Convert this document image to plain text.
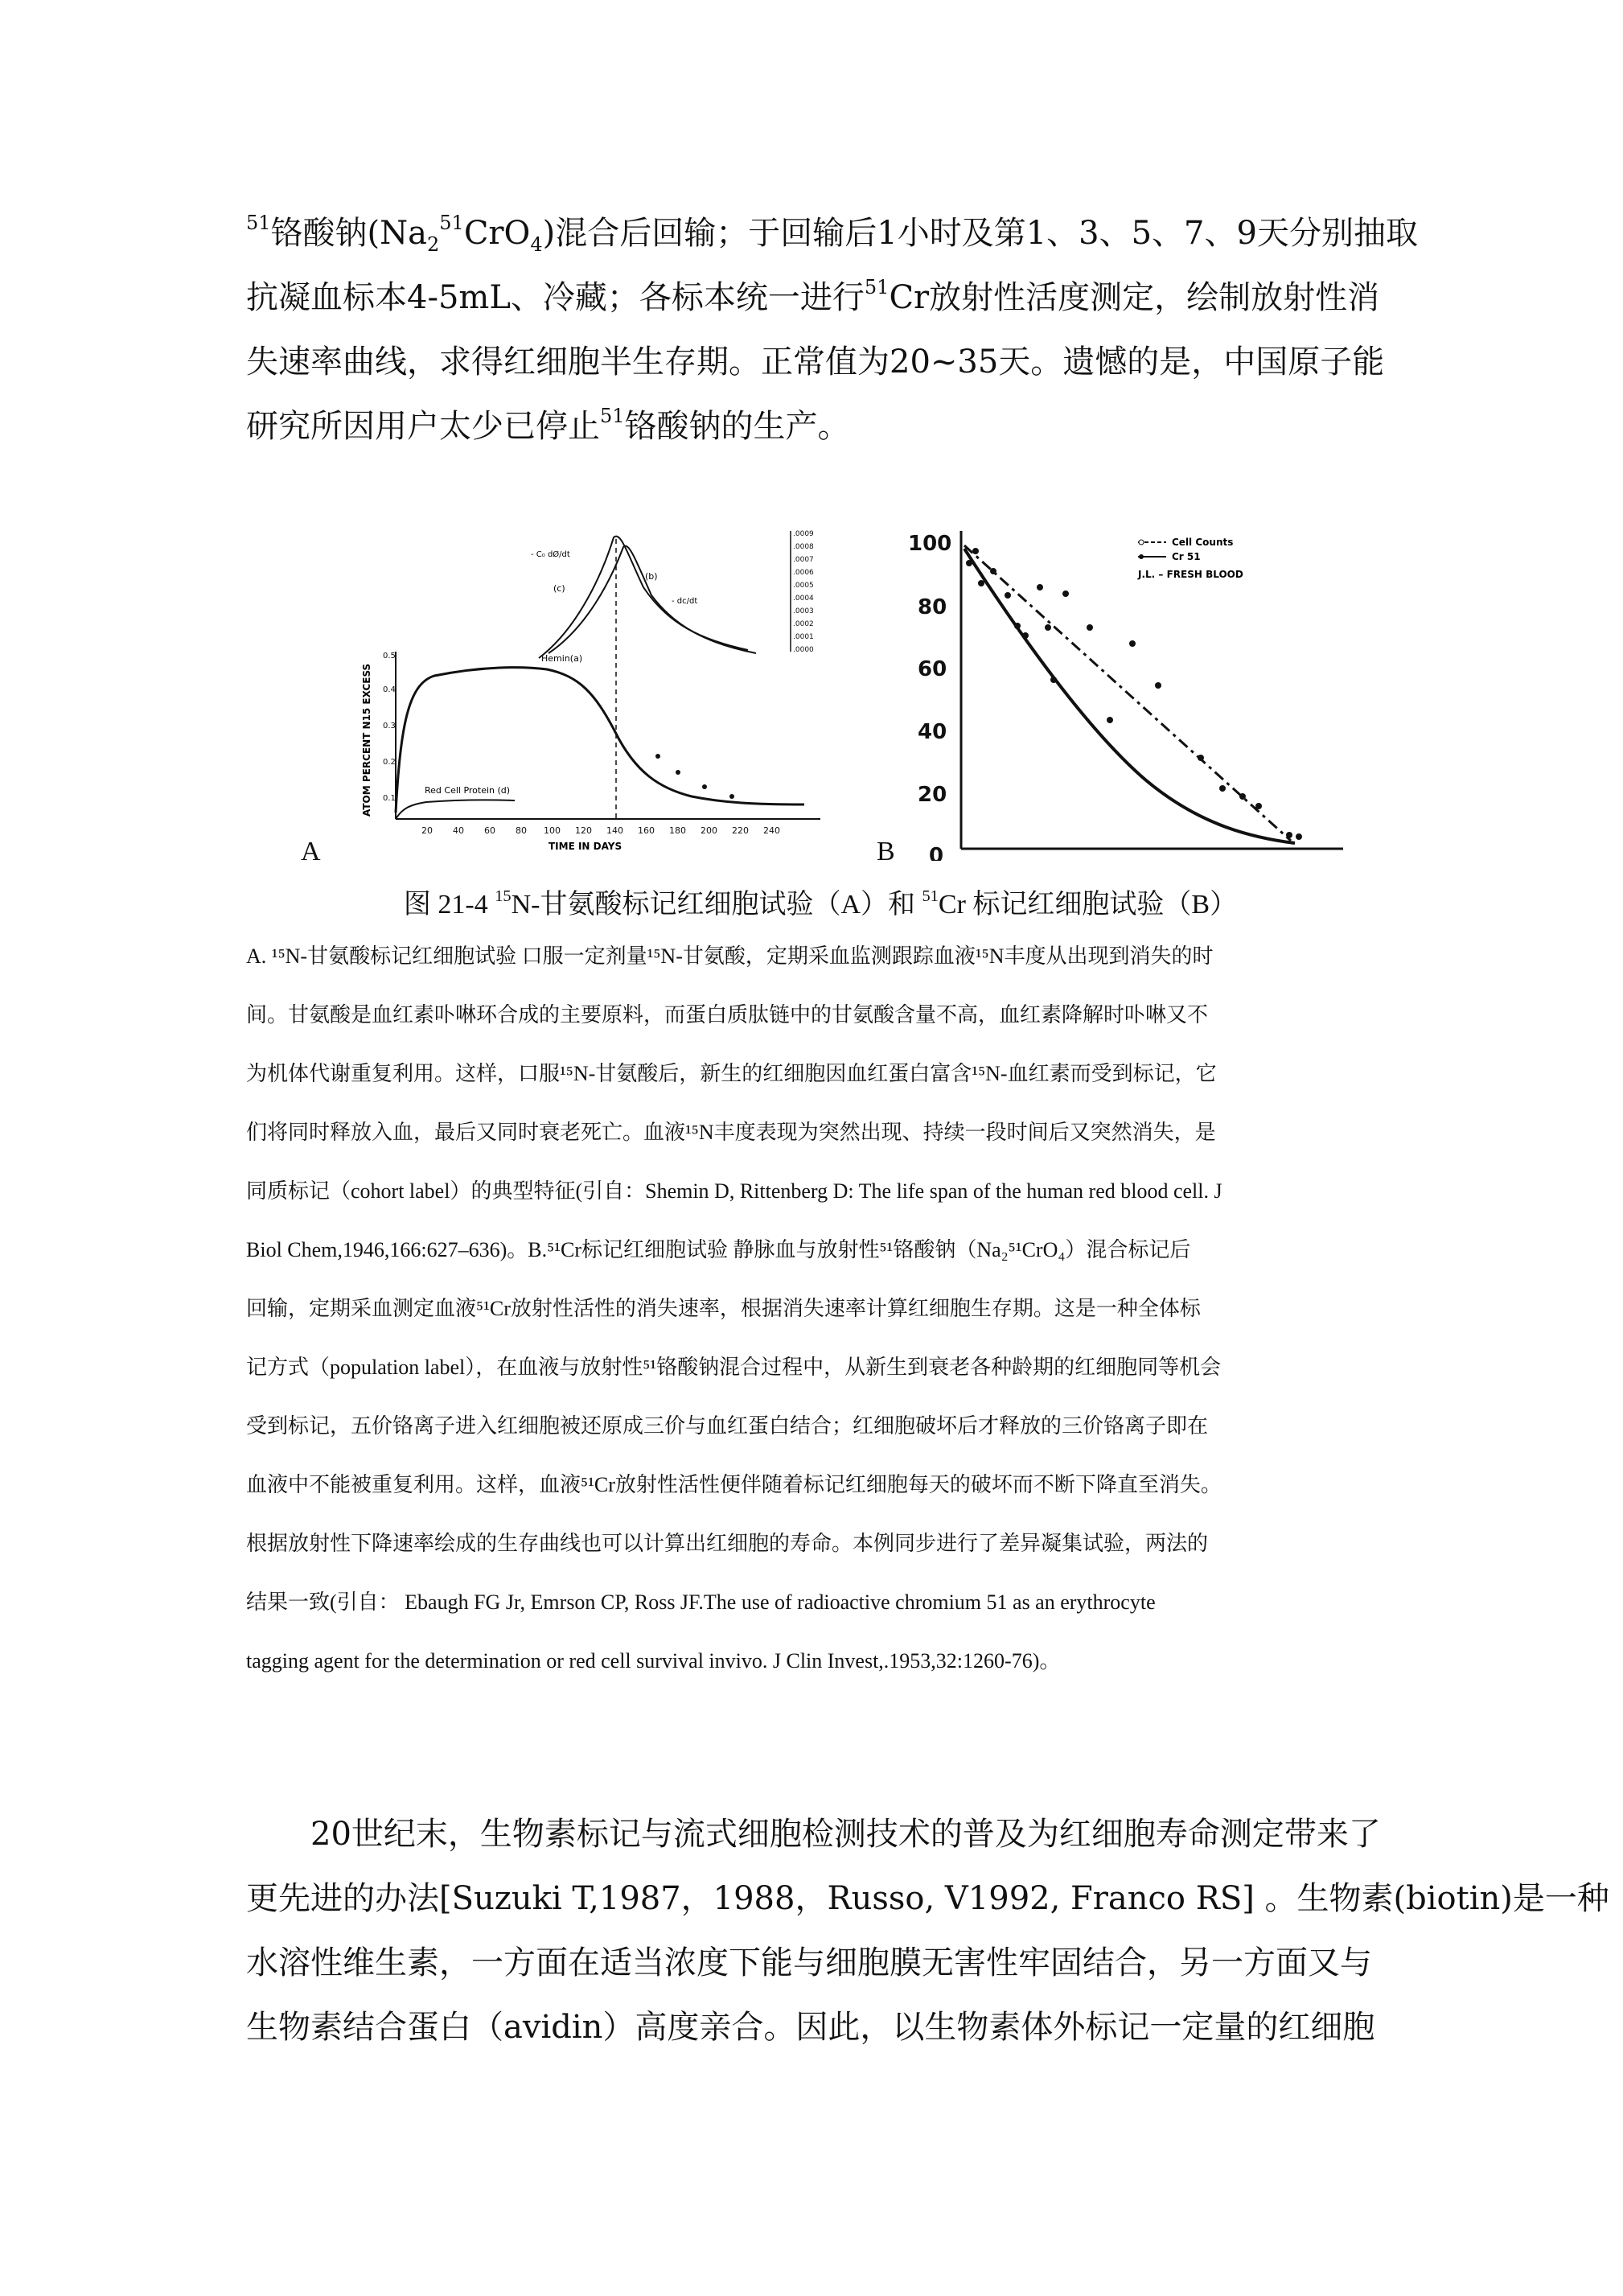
$^{51}$铬酸钠$(Na_2^{51}CrO_4)$混合后回输；于回输后1小时及第1、3、5、7、9天分别抽取
抗凝血标本4-5mL、冷藏；各标本统一进行$^{51}$Cr放射性活度测定，绘制放射性消
失速率曲线，求得红细胞半生存期。正常值为20~35天。遗憾的是，中国原子能
研究所因用户太少已停止$^{51}$铬酸钠的生产。
0.5
0.4
0.3
0.2
0.1
ATOM PERCENT N15 EXCESS
20 40 60 80 100 120 140 160 180 200 220 240
TIME IN DAYS
Hemin(a)
Red Cell Protein (d)
(c)
(b)
- C₀ dØ/dt
- dc/dt
.0009
.0008
.0007
.0006
.0005
.0004
.0003
.0002
.0001
.0000
A
100
80
60
40
20
0
Cell Counts
Cr 51
J.L. – FRESH BLOOD
B
图 21-4 $^{15}$N-甘氨酸标记红细胞试验（A）和 $^{51}$Cr 标记红细胞试验（B）
A. ¹⁵N-甘氨酸标记红细胞试验 口服一定剂量¹⁵N-甘氨酸，定期采血监测跟踪血液¹⁵N丰度从出现到消失的时
间。甘氨酸是血红素卟啉环合成的主要原料，而蛋白质肽链中的甘氨酸含量不高，血红素降解时卟啉又不
为机体代谢重复利用。这样，口服¹⁵N-甘氨酸后，新生的红细胞因血红蛋白富含¹⁵N-血红素而受到标记，它
们将同时释放入血，最后又同时衰老死亡。血液¹⁵N丰度表现为突然出现、持续一段时间后又突然消失，是
同质标记（cohort label）的典型特征(引自：Shemin D, Rittenberg D: The life span of the human red blood cell. J
Biol Chem,1946,166:627–636)。B.⁵¹Cr标记红细胞试验 静脉血与放射性⁵¹铬酸钠（Na₂⁵¹CrO₄）混合标记后
回输，定期采血测定血液⁵¹Cr放射性活性的消失速率，根据消失速率计算红细胞生存期。这是一种全体标
记方式（population label），在血液与放射性⁵¹铬酸钠混合过程中，从新生到衰老各种龄期的红细胞同等机会
受到标记，五价铬离子进入红细胞被还原成三价与血红蛋白结合；红细胞破坏后才释放的三价铬离子即在
血液中不能被重复利用。这样，血液⁵¹Cr放射性活性便伴随着标记红细胞每天的破坏而不断下降直至消失。
根据放射性下降速率绘成的生存曲线也可以计算出红细胞的寿命。本例同步进行了差异凝集试验，两法的
结果一致(引自： Ebaugh FG Jr, Emrson CP, Ross JF.The use of radioactive chromium 51 as an erythrocyte
tagging agent for the determination or red cell survival invivo. J Clin Invest,.1953,32:1260-76)。
20世纪末，生物素标记与流式细胞检测技术的普及为红细胞寿命测定带来了
更先进的办法[Suzuki T,1987，1988，Russo, V1992, Franco RS] 。生物素(biotin)是一种
水溶性维生素，一方面在适当浓度下能与细胞膜无害性牢固结合，另一方面又与
生物素结合蛋白（avidin）高度亲合。因此，以生物素体外标记一定量的红细胞
